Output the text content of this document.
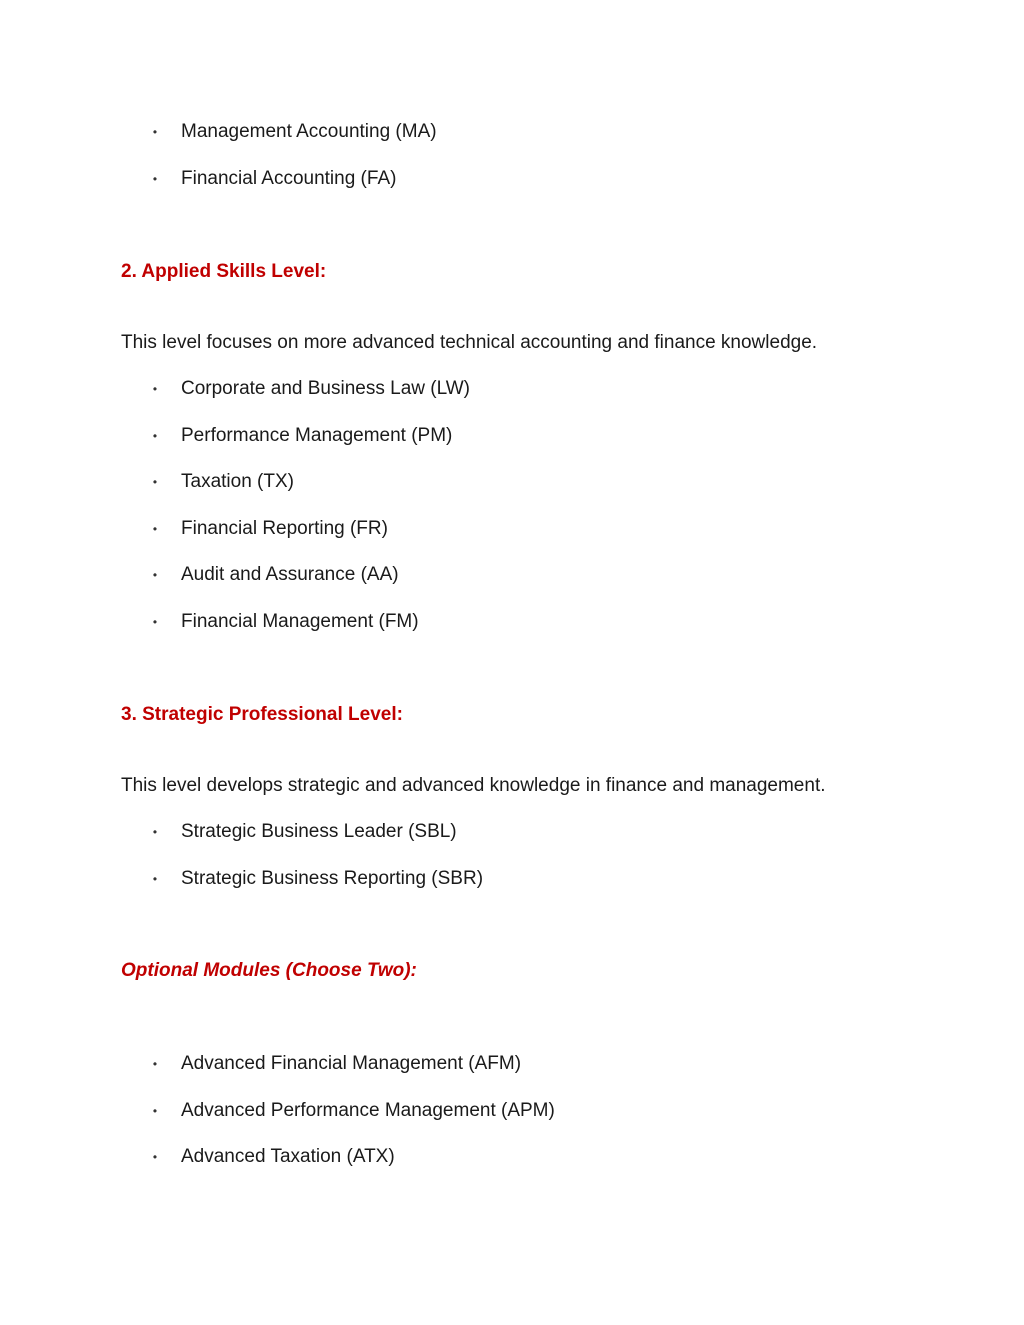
• Management Accounting (MA)
• Financial Accounting (FA)
2. Applied Skills Level:
This level focuses on more advanced technical accounting and finance knowledge.
• Corporate and Business Law (LW)
• Performance Management (PM)
• Taxation (TX)
• Financial Reporting (FR)
• Audit and Assurance (AA)
• Financial Management (FM)
3. Strategic Professional Level:
This level develops strategic and advanced knowledge in finance and management.
• Strategic Business Leader (SBL)
• Strategic Business Reporting (SBR)
Optional Modules (Choose Two):
• Advanced Financial Management (AFM)
• Advanced Performance Management (APM)
• Advanced Taxation (ATX)
